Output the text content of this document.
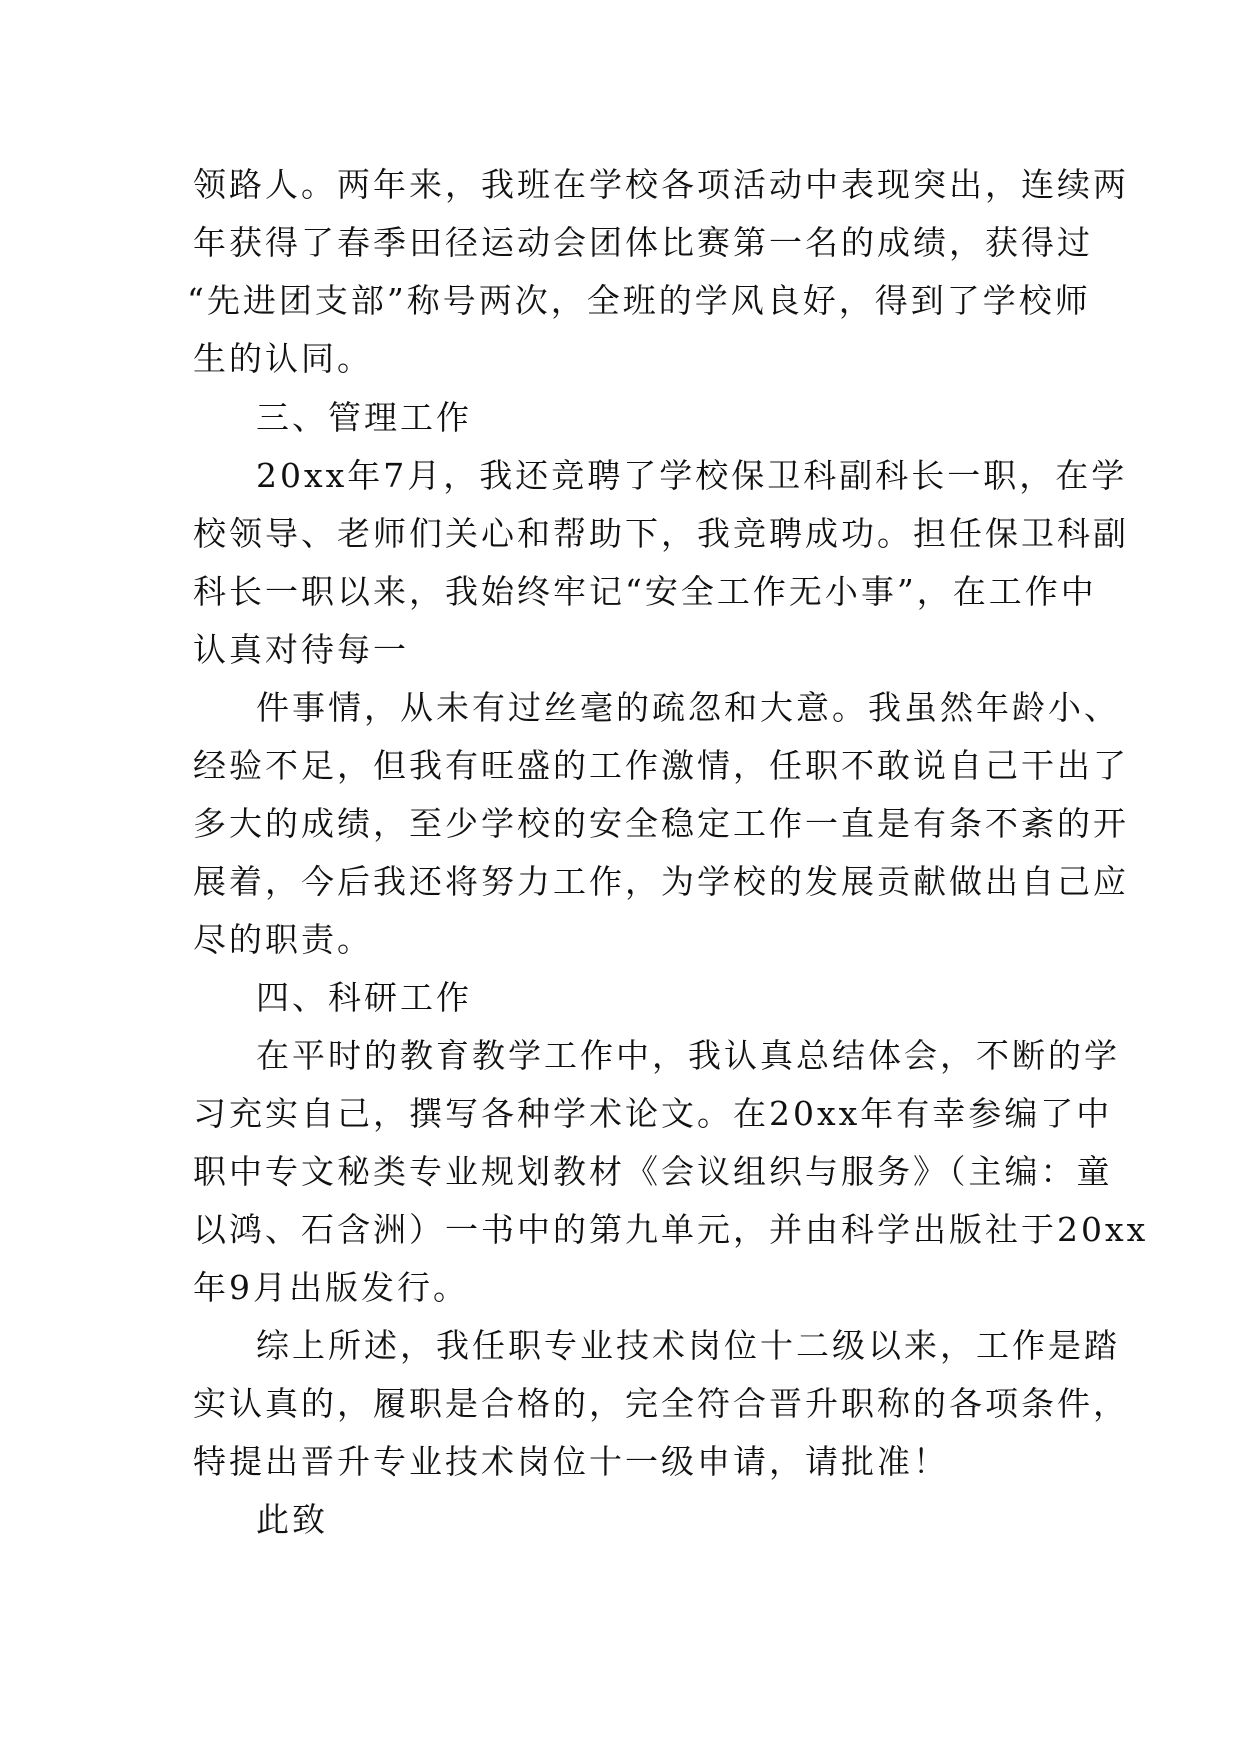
领路人。两年来，我班在学校各项活动中表现突出，连续两
年获得了春季田径运动会团体比赛第一名的成绩，获得过
“先进团支部”称号两次，全班的学风良好，得到了学校师
生的认同。
三、管理工作
20xx年7月，我还竞聘了学校保卫科副科长一职，在学
校领导、老师们关心和帮助下，我竞聘成功。担任保卫科副
科长一职以来，我始终牢记“安全工作无小事”，在工作中
认真对待每一
件事情，从未有过丝毫的疏忽和大意。我虽然年龄小、
经验不足，但我有旺盛的工作激情，任职不敢说自己干出了
多大的成绩，至少学校的安全稳定工作一直是有条不紊的开
展着，今后我还将努力工作，为学校的发展贡献做出自己应
尽的职责。
四、科研工作
在平时的教育教学工作中，我认真总结体会，不断的学
习充实自己，撰写各种学术论文。在20xx年有幸参编了中
职中专文秘类专业规划教材《会议组织与服务》（主编：童
以鸿、石含洲）一书中的第九单元，并由科学出版社于20xx
年9月出版发行。
综上所述，我任职专业技术岗位十二级以来，工作是踏
实认真的，履职是合格的，完全符合晋升职称的各项条件，
特提出晋升专业技术岗位十一级申请，请批准！
此致
